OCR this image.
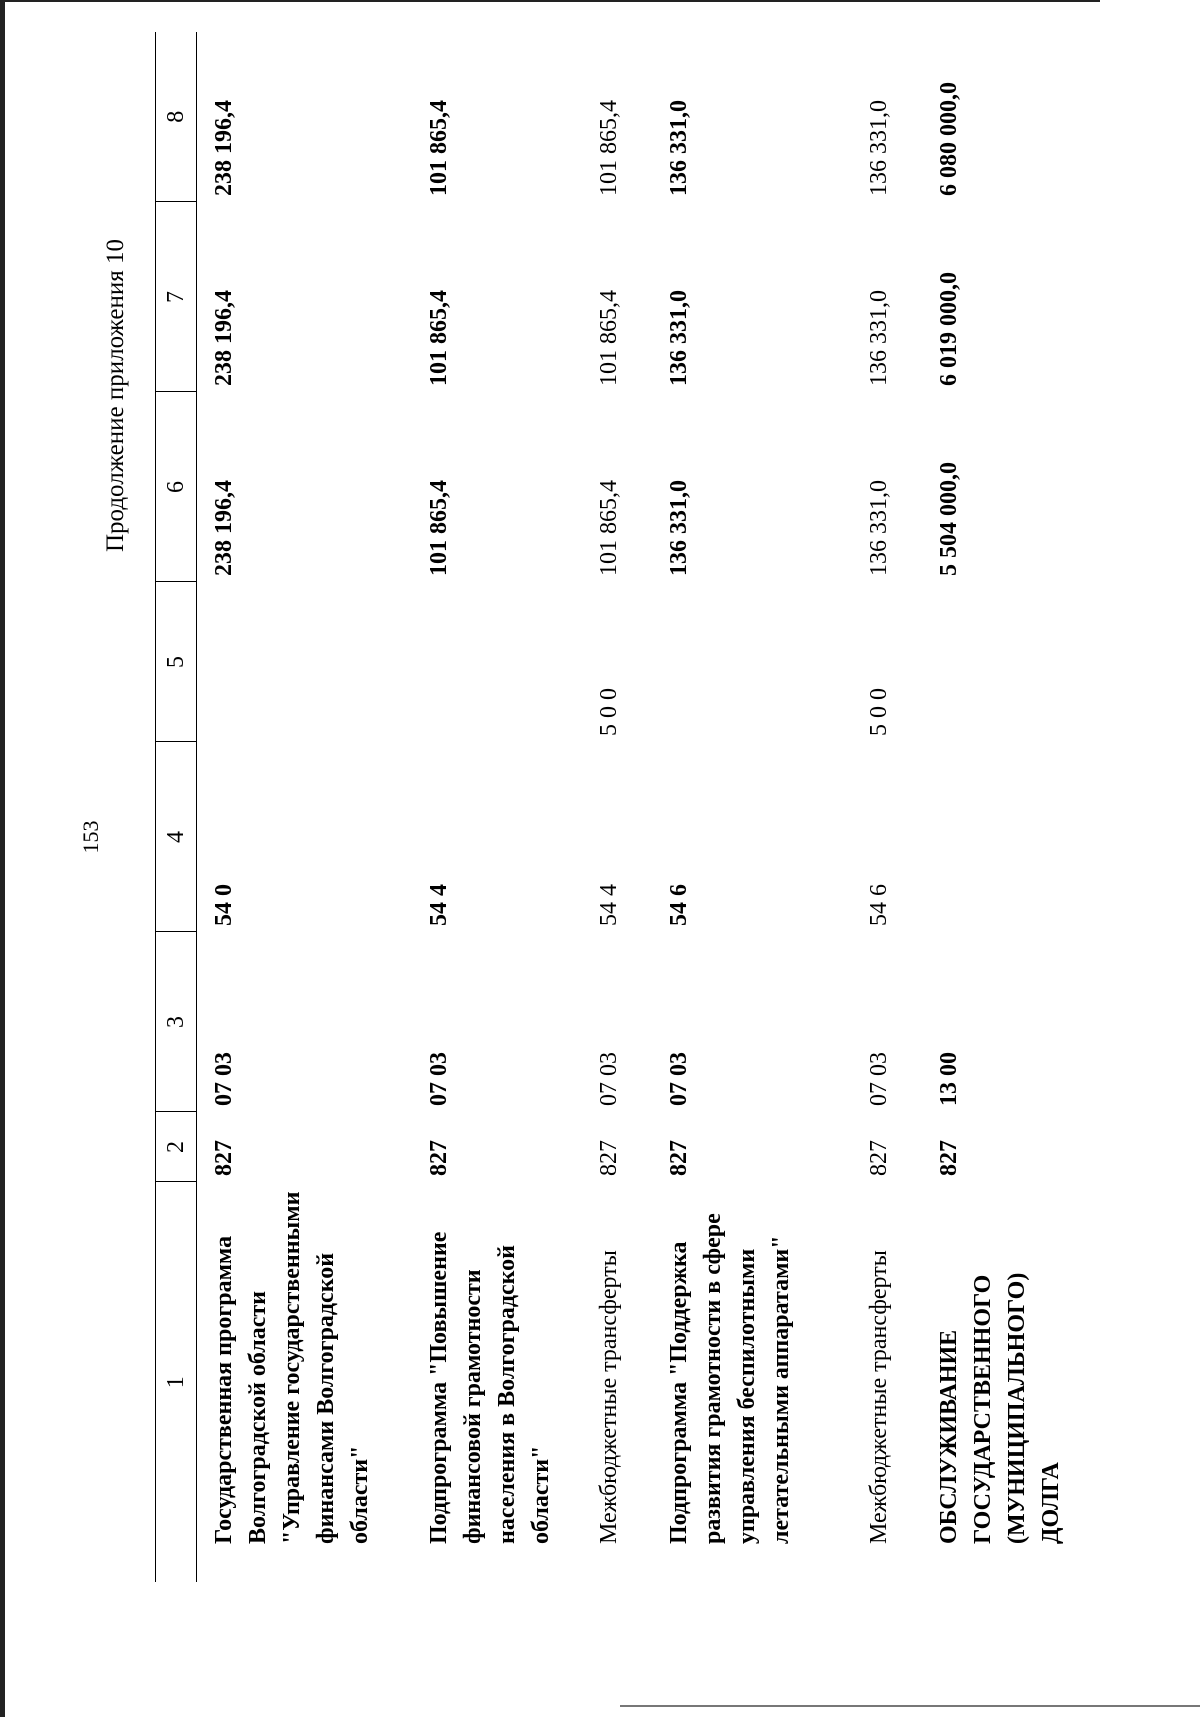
153
Продолжение приложения 10
1	2	3	4	5	6	7	8
Государственная программа Волгоградской области "Управление государственными финансами Волгоградской области"	827	07 03	54 0		238 196,4	238 196,4	238 196,4
Подпрограмма "Повышение финансовой грамотности населения в Волгоградской области"	827	07 03	54 4		101 865,4	101 865,4	101 865,4
Межбюджетные трансферты	827	07 03	54 4	5 0 0	101 865,4	101 865,4	101 865,4
Подпрограмма "Поддержка развития грамотности в сфере управления беспилотными летательными аппаратами"	827	07 03	54 6		136 331,0	136 331,0	136 331,0
Межбюджетные трансферты	827	07 03	54 6	5 0 0	136 331,0	136 331,0	136 331,0
ОБСЛУЖИВАНИЕ ГОСУДАРСТВЕННОГО (МУНИЦИПАЛЬНОГО) ДОЛГА	827	13 00			5 504 000,0	6 019 000,0	6 080 000,0
